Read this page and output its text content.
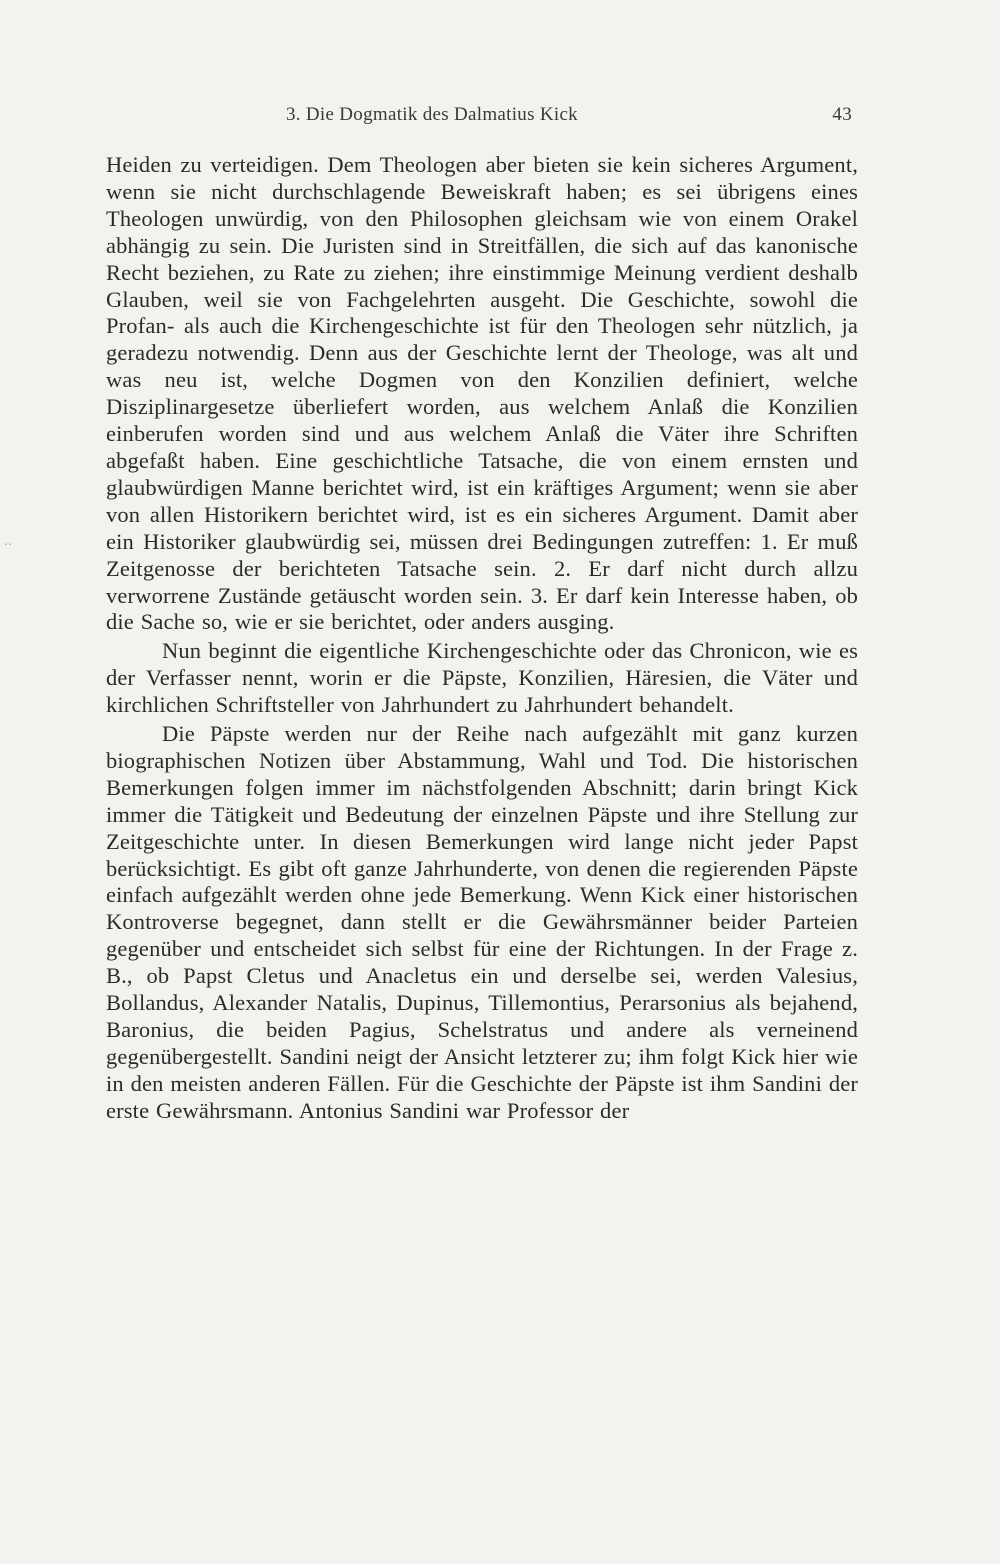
3. Die Dogmatik des Dalmatius Kick	43

Heiden zu verteidigen. Dem Theologen aber bieten sie kein sicheres Argument, wenn sie nicht durchschlagende Beweiskraft haben; es sei übrigens eines Theologen unwürdig, von den Philosophen gleichsam wie von einem Orakel abhängig zu sein. Die Juristen sind in Streitfällen, die sich auf das kanonische Recht beziehen, zu Rate zu ziehen; ihre einstimmige Meinung verdient deshalb Glauben, weil sie von Fachgelehrten ausgeht. Die Geschichte, sowohl die Profan- als auch die Kirchengeschichte ist für den Theologen sehr nützlich, ja geradezu notwendig. Denn aus der Geschichte lernt der Theologe, was alt und was neu ist, welche Dogmen von den Konzilien definiert, welche Disziplinargesetze überliefert worden, aus welchem Anlaß die Konzilien einberufen worden sind und aus welchem Anlaß die Väter ihre Schriften abgefaßt haben. Eine geschichtliche Tatsache, die von einem ernsten und glaubwürdigen Manne berichtet wird, ist ein kräftiges Argument; wenn sie aber von allen Historikern berichtet wird, ist es ein sicheres Argument. Damit aber ein Historiker glaubwürdig sei, müssen drei Bedingungen zutreffen: 1. Er muß Zeitgenosse der berichteten Tatsache sein. 2. Er darf nicht durch allzu verworrene Zustände getäuscht worden sein. 3. Er darf kein Interesse haben, ob die Sache so, wie er sie berichtet, oder anders ausging.

Nun beginnt die eigentliche Kirchengeschichte oder das Chronicon, wie es der Verfasser nennt, worin er die Päpste, Konzilien, Häresien, die Väter und kirchlichen Schriftsteller von Jahrhundert zu Jahrhundert behandelt.

Die Päpste werden nur der Reihe nach aufgezählt mit ganz kurzen biographischen Notizen über Abstammung, Wahl und Tod. Die historischen Bemerkungen folgen immer im nächstfolgenden Abschnitt; darin bringt Kick immer die Tätigkeit und Bedeutung der einzelnen Päpste und ihre Stellung zur Zeitgeschichte unter. In diesen Bemerkungen wird lange nicht jeder Papst berücksichtigt. Es gibt oft ganze Jahrhunderte, von denen die regierenden Päpste einfach aufgezählt werden ohne jede Bemerkung. Wenn Kick einer historischen Kontroverse begegnet, dann stellt er die Gewährsmänner beider Parteien gegenüber und entscheidet sich selbst für eine der Richtungen. In der Frage z. B., ob Papst Cletus und Anacletus ein und derselbe sei, werden Valesius, Bollandus, Alexander Natalis, Dupinus, Tillemontius, Perarsonius als bejahend, Baronius, die beiden Pagius, Schelstratus und andere als verneinend gegenübergestellt. Sandini neigt der Ansicht letzterer zu; ihm folgt Kick hier wie in den meisten anderen Fällen. Für die Geschichte der Päpste ist ihm Sandini der erste Gewährsmann. Antonius Sandini war Professor der

‥
